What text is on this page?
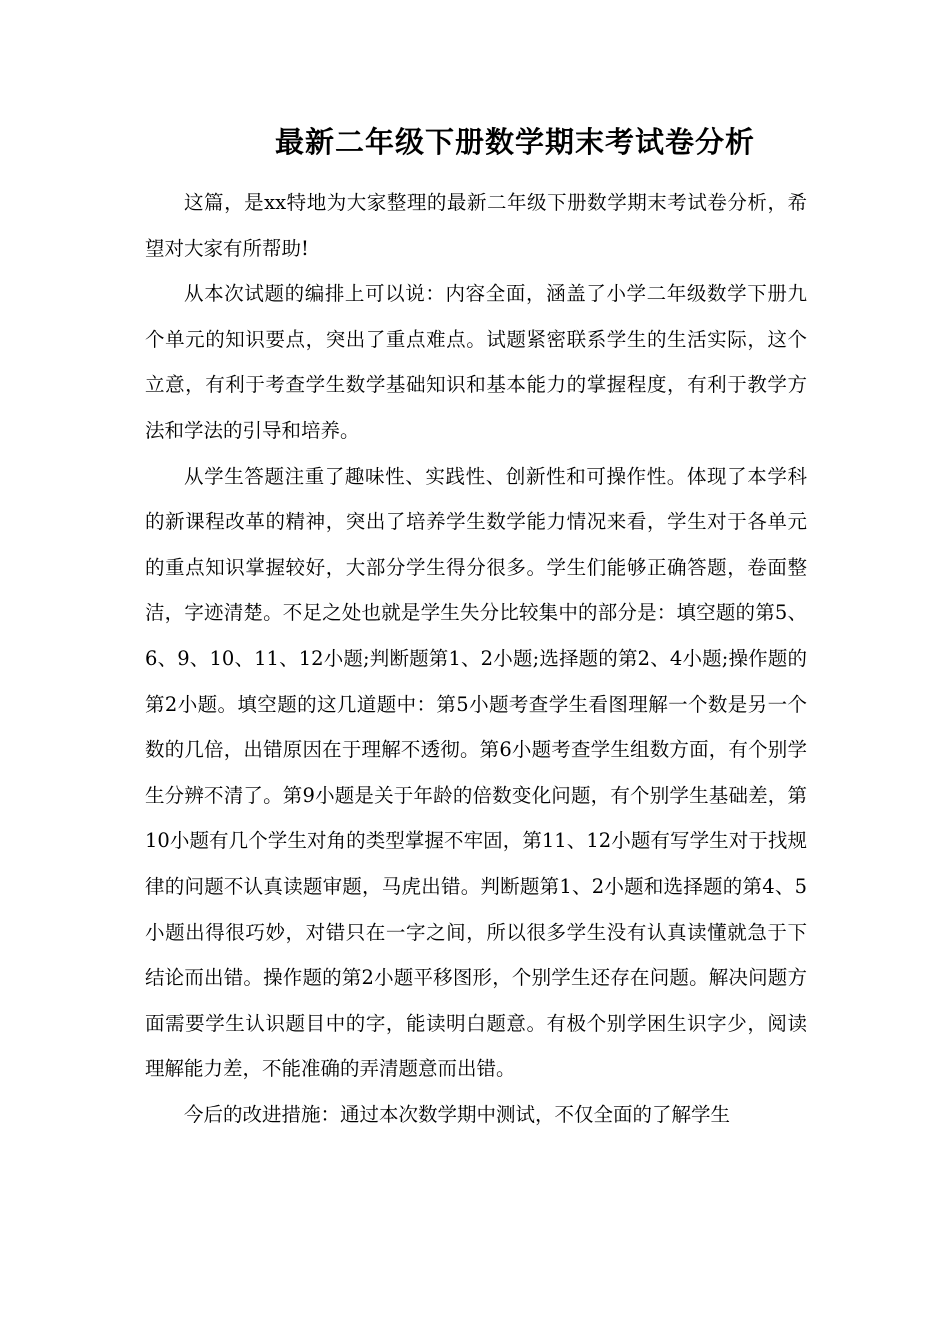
最新二年级下册数学期末考试卷分析

这篇，是xx特地为大家整理的最新二年级下册数学期末考试卷分析，希望对大家有所帮助!

从本次试题的编排上可以说：内容全面，涵盖了小学二年级数学下册九个单元的知识要点，突出了重点难点。试题紧密联系学生的生活实际，这个立意，有利于考查学生数学基础知识和基本能力的掌握程度，有利于教学方法和学法的引导和培养。

从学生答题注重了趣味性、实践性、创新性和可操作性。体现了本学科的新课程改革的精神，突出了培养学生数学能力情况来看，学生对于各单元的重点知识掌握较好，大部分学生得分很多。学生们能够正确答题，卷面整洁，字迹清楚。不足之处也就是学生失分比较集中的部分是：填空题的第5、6、9、10、11、12小题;判断题第1、2小题;选择题的第2、4小题;操作题的第2小题。填空题的这几道题中：第5小题考查学生看图理解一个数是另一个数的几倍，出错原因在于理解不透彻。第6小题考查学生组数方面，有个别学生分辨不清了。第9小题是关于年龄的倍数变化问题，有个别学生基础差，第10小题有几个学生对角的类型掌握不牢固，第11、12小题有写学生对于找规律的问题不认真读题审题，马虎出错。判断题第1、2小题和选择题的第4、5小题出得很巧妙，对错只在一字之间，所以很多学生没有认真读懂就急于下结论而出错。操作题的第2小题平移图形，个别学生还存在问题。解决问题方面需要学生认识题目中的字，能读明白题意。有极个别学困生识字少，阅读理解能力差，不能准确的弄清题意而出错。

今后的改进措施：通过本次数学期中测试，不仅全面的了解学生
